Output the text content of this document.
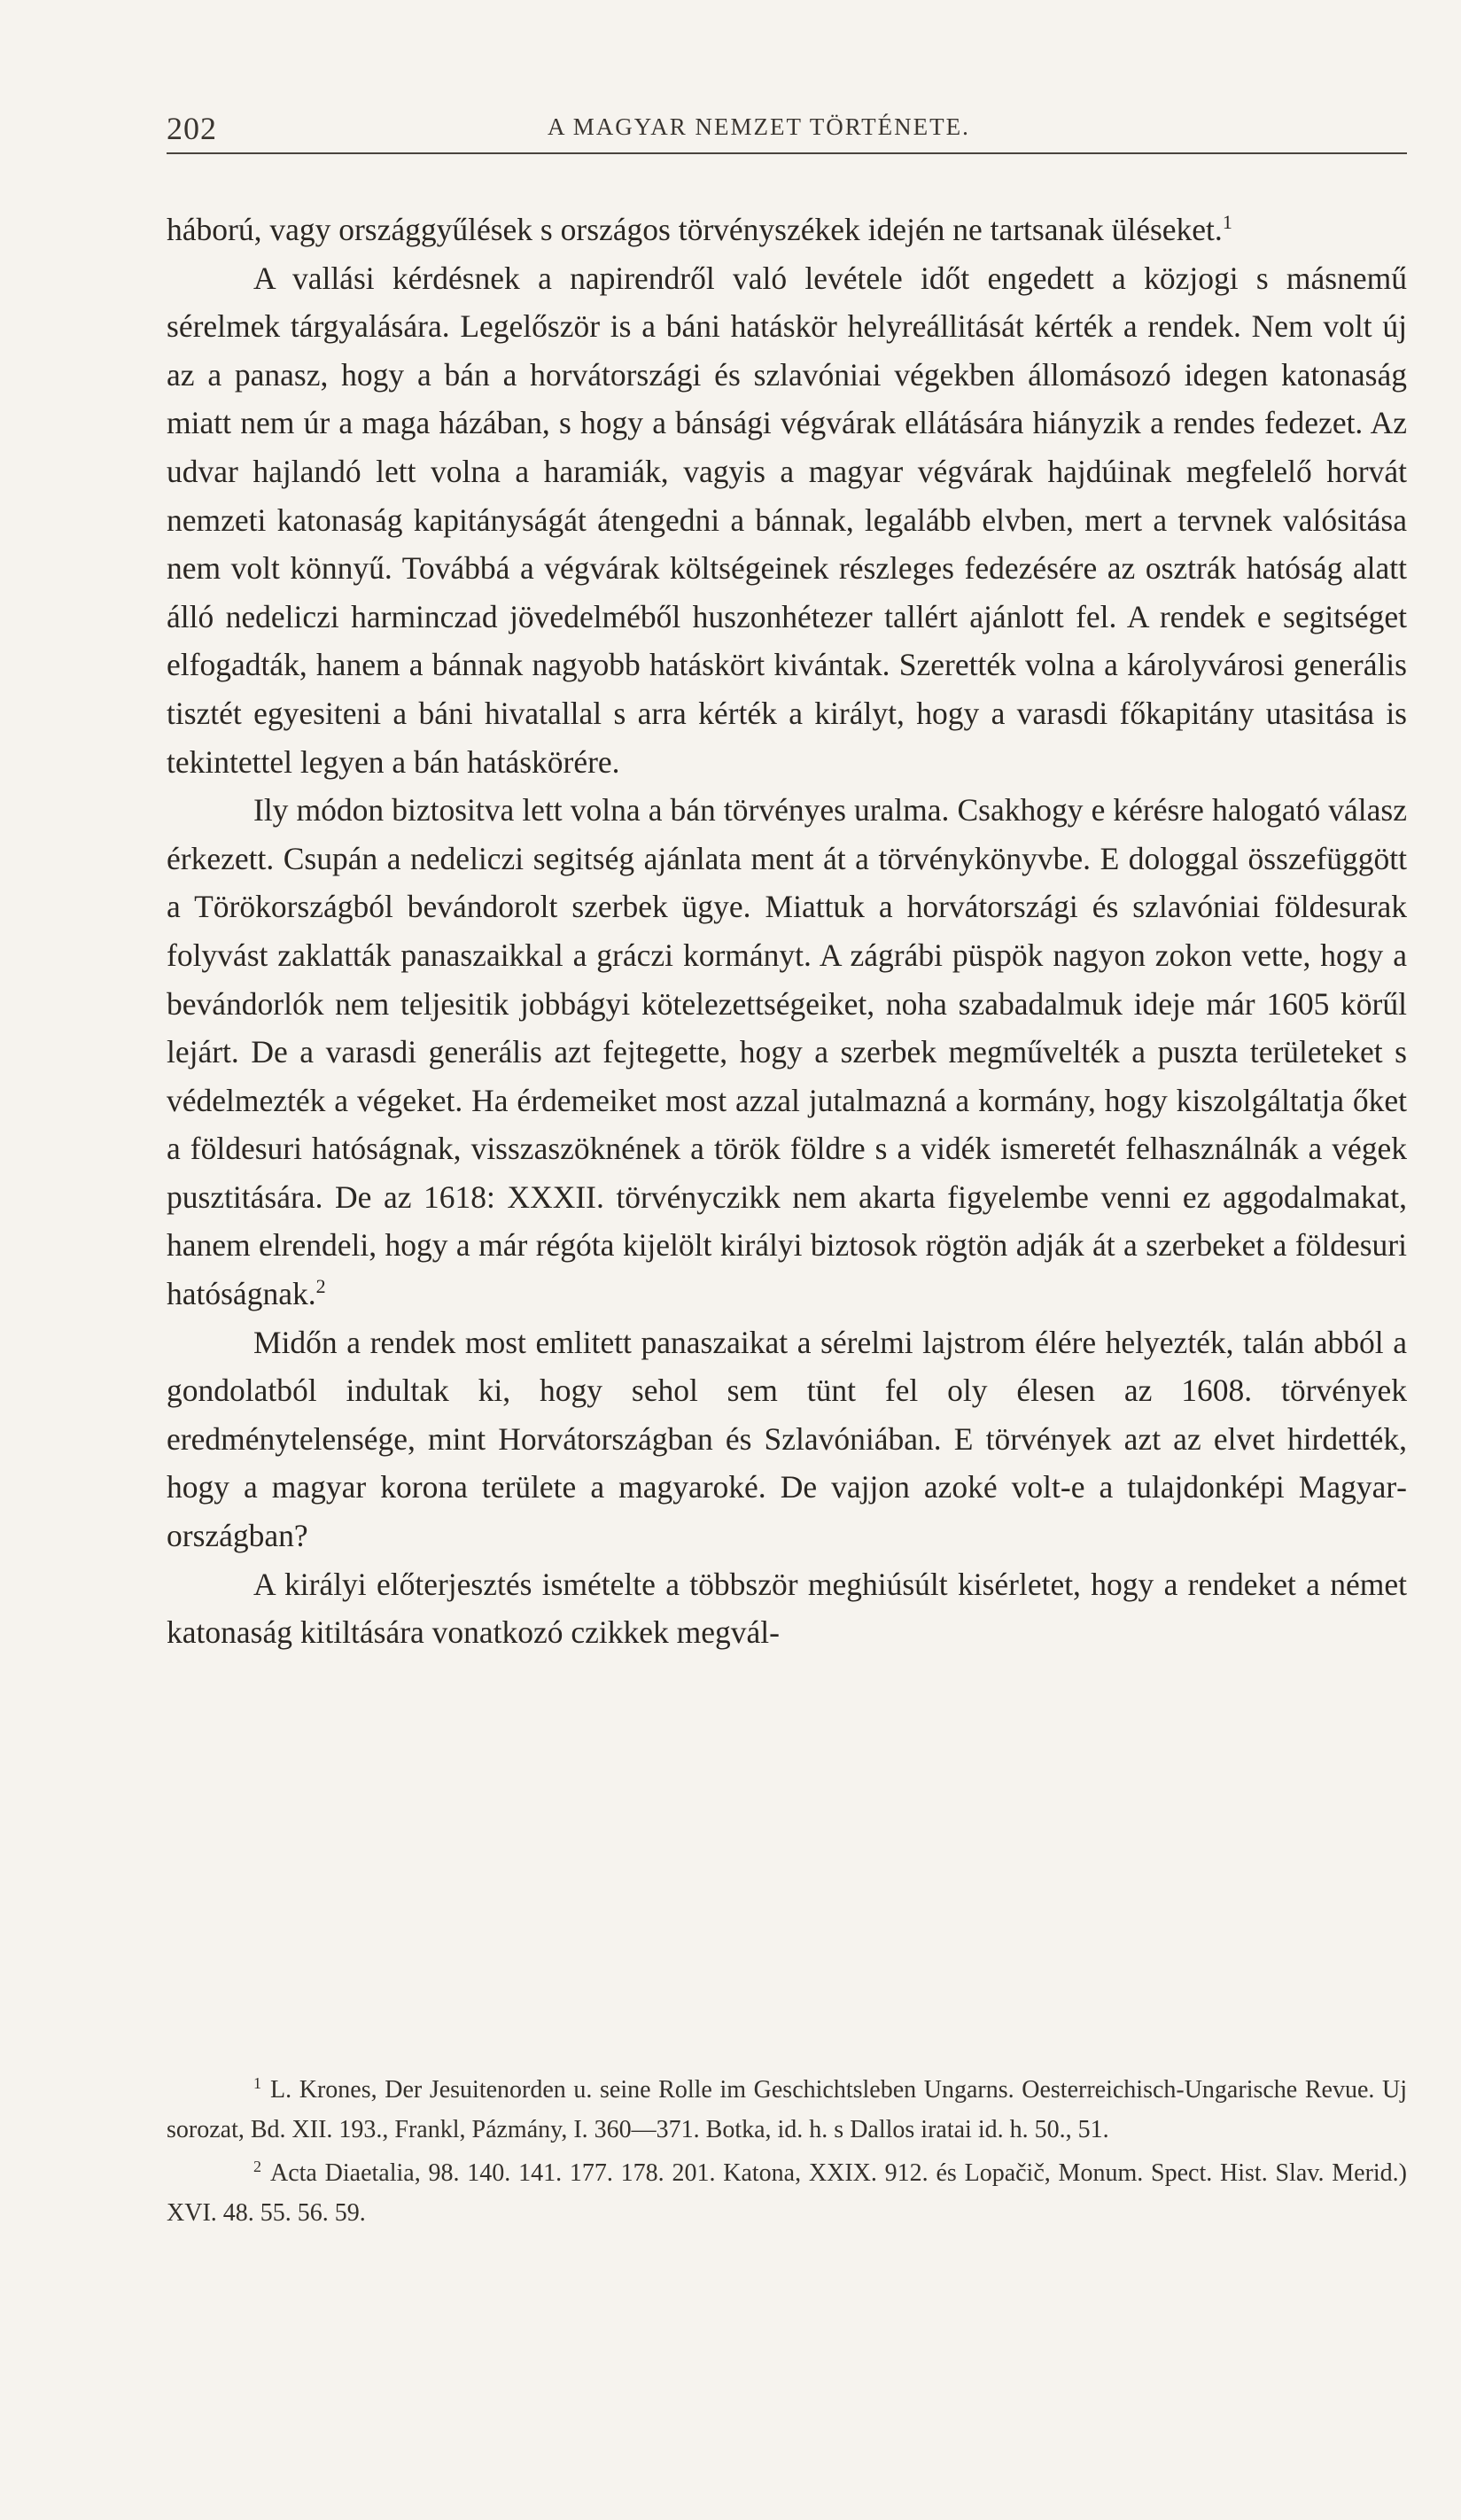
202	A MAGYAR NEMZET TÖRTÉNETE.

háború, vagy országgyűlések s országos törvényszékek idején ne tartsanak üléseket.$^1$

A vallási kérdésnek a napirendről való levétele időt engedett a közjogi s másnemű sérelmek tárgyalására. Legelőször is a báni hatáskör helyreállitását kérték a rendek. Nem volt új az a panasz, hogy a bán a horvátországi és szlavóniai végekben állomásozó idegen katonaság miatt nem úr a maga házában, s hogy a bánsági végvárak ellátására hiányzik a rendes fedezet. Az udvar hajlandó lett volna a haramiák, vagyis a magyar végvárak hajdúinak megfelelő horvát nemzeti katonaság kapitányságát átengedni a bánnak, legalább elvben, mert a tervnek valósitása nem volt könnyű. Továbbá a végvárak költségeinek részleges fedezésére az osztrák hatóság alatt álló nedeliczi harminczad jövedelméből huszonhétezer tallért ajánlott fel. A rendek e segitséget elfogadták, hanem a bánnak nagyobb hatáskört kivántak. Szerették volna a károlyvárosi generális tisztét egyesiteni a báni hivatallal s arra kérték a királyt, hogy a varasdi főkapitány utasitása is tekintettel legyen a bán hatáskörére.

Ily módon biztositva lett volna a bán törvényes uralma. Csakhogy e kérésre halogató válasz érkezett. Csupán a nedeliczi segitség ajánlata ment át a törvénykönyvbe. E dologgal összefüggött a Törökországból bevándorolt szerbek ügye. Miattuk a horvátországi és szlavóniai földesurak folyvást zaklatták panaszaikkal a gráczi kormányt. A zágrábi püspök nagyon zokon vette, hogy a bevándorlók nem teljesitik jobbágyi kötelezettségeiket, noha szabadalmuk ideje már 1605 körűl lejárt. De a varasdi generális azt fejtegette, hogy a szerbek megművelték a puszta területeket s védelmezték a végeket. Ha érdemeiket most azzal jutalmazná a kormány, hogy kiszolgáltatja őket a földesuri hatóságnak, visszaszöknének a török földre s a vidék ismeretét felhasználnák a végek pusztitására. De az 1618: XXXII. törvényczikk nem akarta figyelembe venni ez aggodalmakat, hanem elrendeli, hogy a már régóta kijelölt királyi biztosok rögtön adják át a szerbeket a földesuri hatóságnak.$^2$

Midőn a rendek most emlitett panaszaikat a sérelmi lajstrom élére helyezték, talán abból a gondolatból indultak ki, hogy sehol sem tünt fel oly élesen az 1608. törvények eredménytelensége, mint Horvátországban és Szlavóniában. E törvények azt az elvet hirdették, hogy a magyar korona területe a magyaroké. De vajjon azoké volt-e a tulajdonképi Magyarországban?

A királyi előterjesztés ismételte a többször meghiúsúlt kisérletet, hogy a rendeket a német katonaság kitiltására vonatkozó czikkek megvál-

$^1$ L. Krones, Der Jesuitenorden u. seine Rolle im Geschichtsleben Ungarns. Oesterreichisch-Ungarische Revue. Uj sorozat, Bd. XII. 193., Frankl, Pázmány, I. 360—371. Botka, id. h. s Dallos iratai id. h. 50., 51.

$^2$ Acta Diaetalia, 98. 140. 141. 177. 178. 201. Katona, XXIX. 912. és Lopačič, Monum. Spect. Hist. Slav. Merid.) XVI. 48. 55. 56. 59.
